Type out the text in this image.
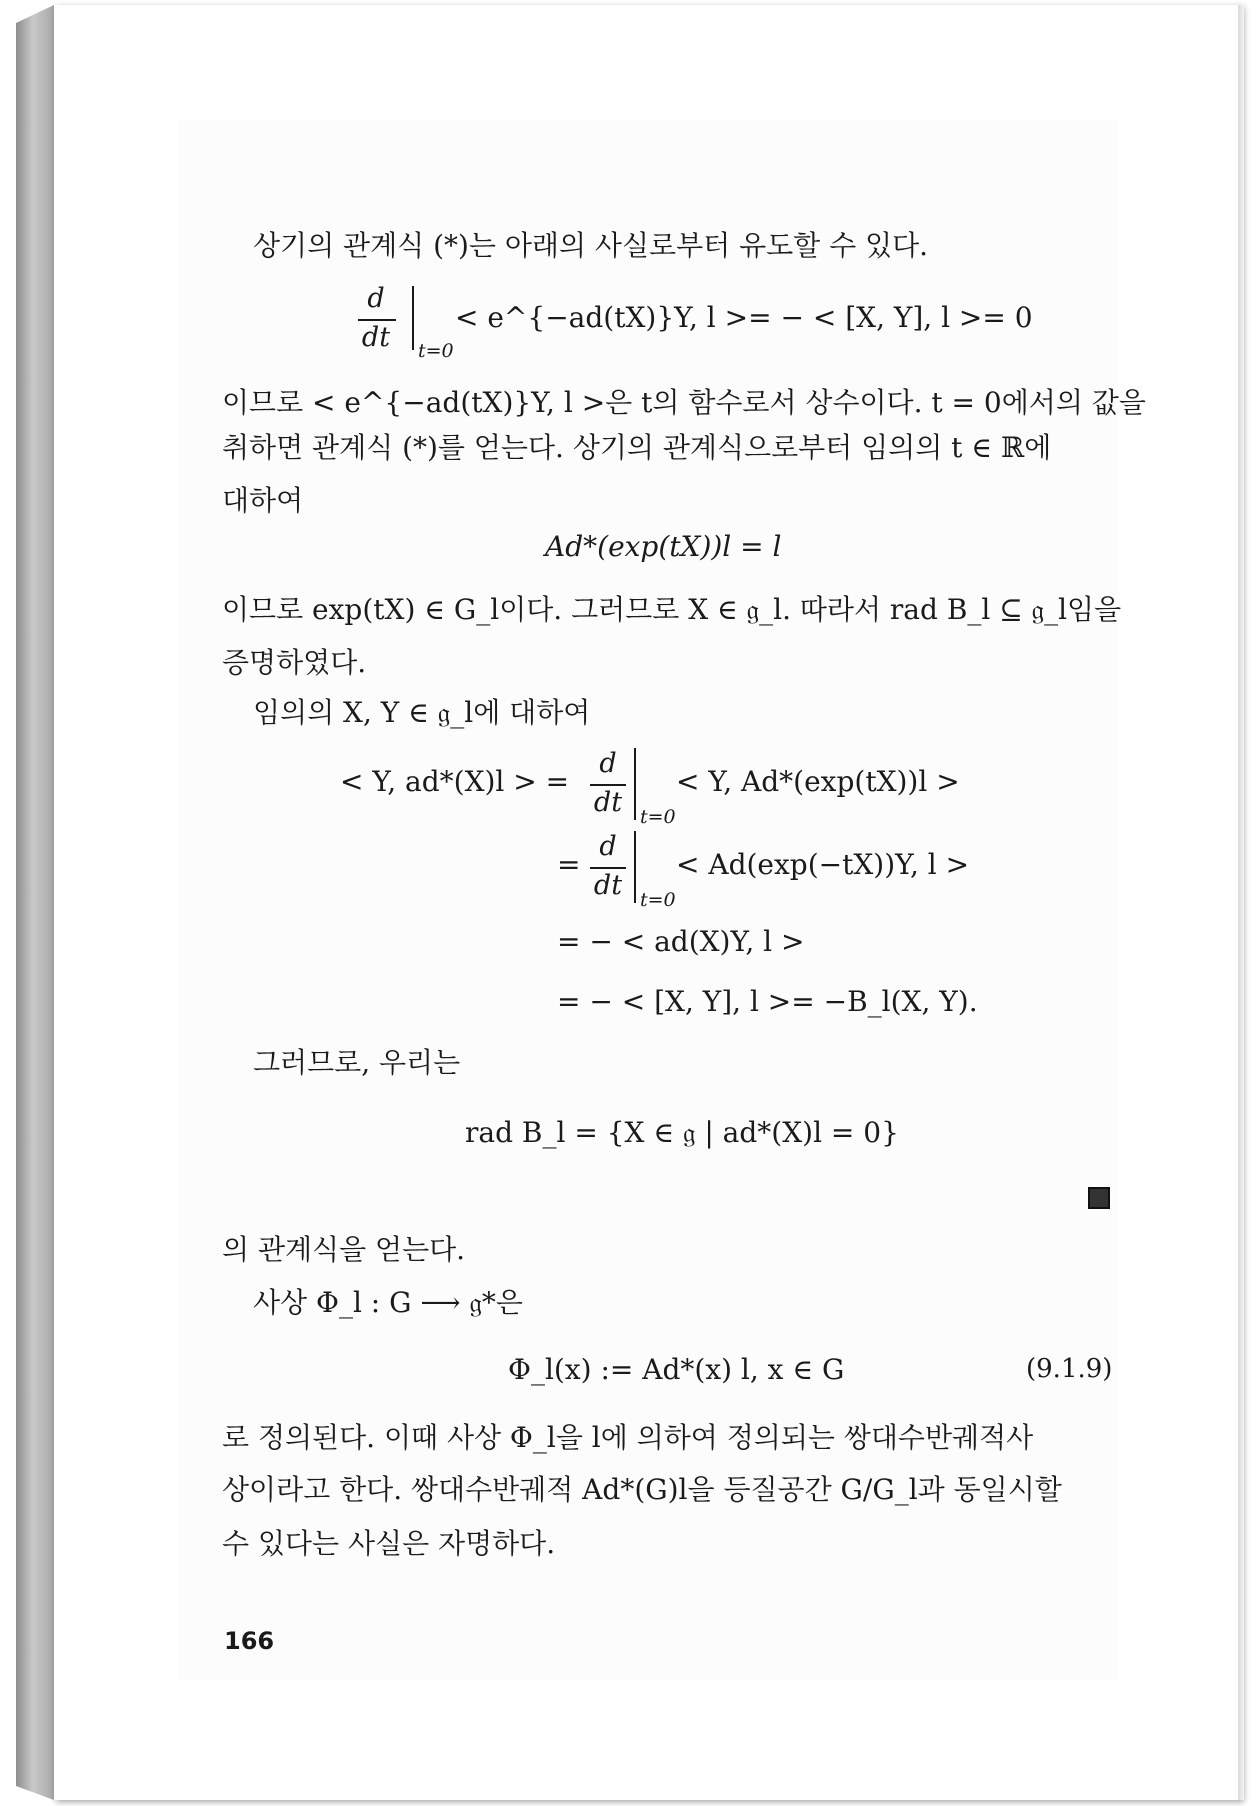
상기의 관계식 (*)는 아래의 사실로부터 유도할 수 있다.
d
dt	t=0
< e^{−ad(tX)}Y, l >= − < [X, Y], l >= 0
이므로 < e^{−ad(tX)}Y, l >은 t의 함수로서 상수이다. t = 0에서의 값을
취하면 관계식 (*)를 얻는다. 상기의 관계식으로부터 임의의 t ∈ ℝ에
대하여
Ad*(exp(tX))l = l
이므로 exp(tX) ∈ G_l이다. 그러므로 X ∈ 𝔤_l. 따라서 rad B_l ⊆ 𝔤_l임을
증명하였다.
임의의 X, Y ∈ 𝔤_l에 대하여
< Y, ad*(X)l > =
d
dt t=0
< Y, Ad*(exp(tX))l >
=
d
dt t=0
< Ad(exp(−tX))Y, l >
= − < ad(X)Y, l >
= − < [X, Y], l >= −B_l(X, Y).
그러므로, 우리는
rad B_l = {X ∈ 𝔤 | ad*(X)l = 0}
의 관계식을 얻는다.
사상 Φ_l : G ⟶ 𝔤*은
Φ_l(x) := Ad*(x) l, x ∈ G	(9.1.9)
로 정의된다. 이때 사상 Φ_l을 l에 의하여 정의되는 쌍대수반궤적사
상이라고 한다. 쌍대수반궤적 Ad*(G)l을 등질공간 G/G_l과 동일시할
수 있다는 사실은 자명하다.
166
